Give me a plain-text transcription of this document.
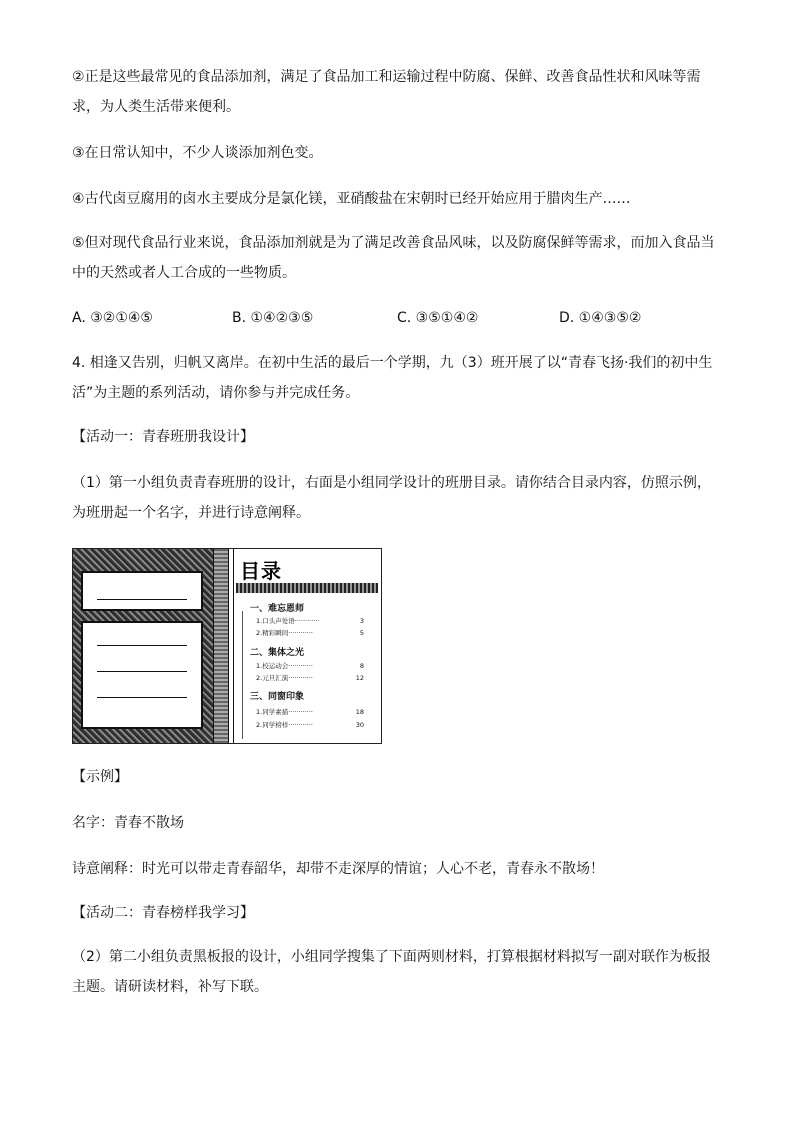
②正是这些最常见的食品添加剂，满足了食品加工和运输过程中防腐、保鲜、改善食品性状和风味等需求，为人类生活带来便利。

③在日常认知中，不少人谈添加剂色变。

④古代卤豆腐用的卤水主要成分是氯化镁，亚硝酸盐在宋朝时已经开始应用于腊肉生产……

⑤但对现代食品行业来说，食品添加剂就是为了满足改善食品风味，以及防腐保鲜等需求，而加入食品当中的天然或者人工合成的一些物质。

A. ③②①④⑤	B. ①④②③⑤	C. ③⑤①④②	D. ①④③⑤②

4. 相逢又告别，归帆又离岸。在初中生活的最后一个学期，九（3）班开展了以“青春飞扬·我们的初中生活”为主题的系列活动，请你参与并完成任务。

【活动一：青春班册我设计】

（1）第一小组负责青春班册的设计，右面是小组同学设计的班册目录。请你结合目录内容，仿照示例，为班册起一个名字，并进行诗意阐释。

目录
一、难忘恩师
1.口头声处语············	3
2.精彩瞬间············	5
二、集体之光
1.校运动会············	8
2.元旦汇演············	12
三、同窗印象
1.同学素描············	18
2.同学榜样············	30

【示例】

名字：青春不散场

诗意阐释：时光可以带走青春韶华，却带不走深厚的情谊；人心不老，青春永不散场！

【活动二：青春榜样我学习】

（2）第二小组负责黑板报的设计，小组同学搜集了下面两则材料，打算根据材料拟写一副对联作为板报主题。请研读材料，补写下联。
